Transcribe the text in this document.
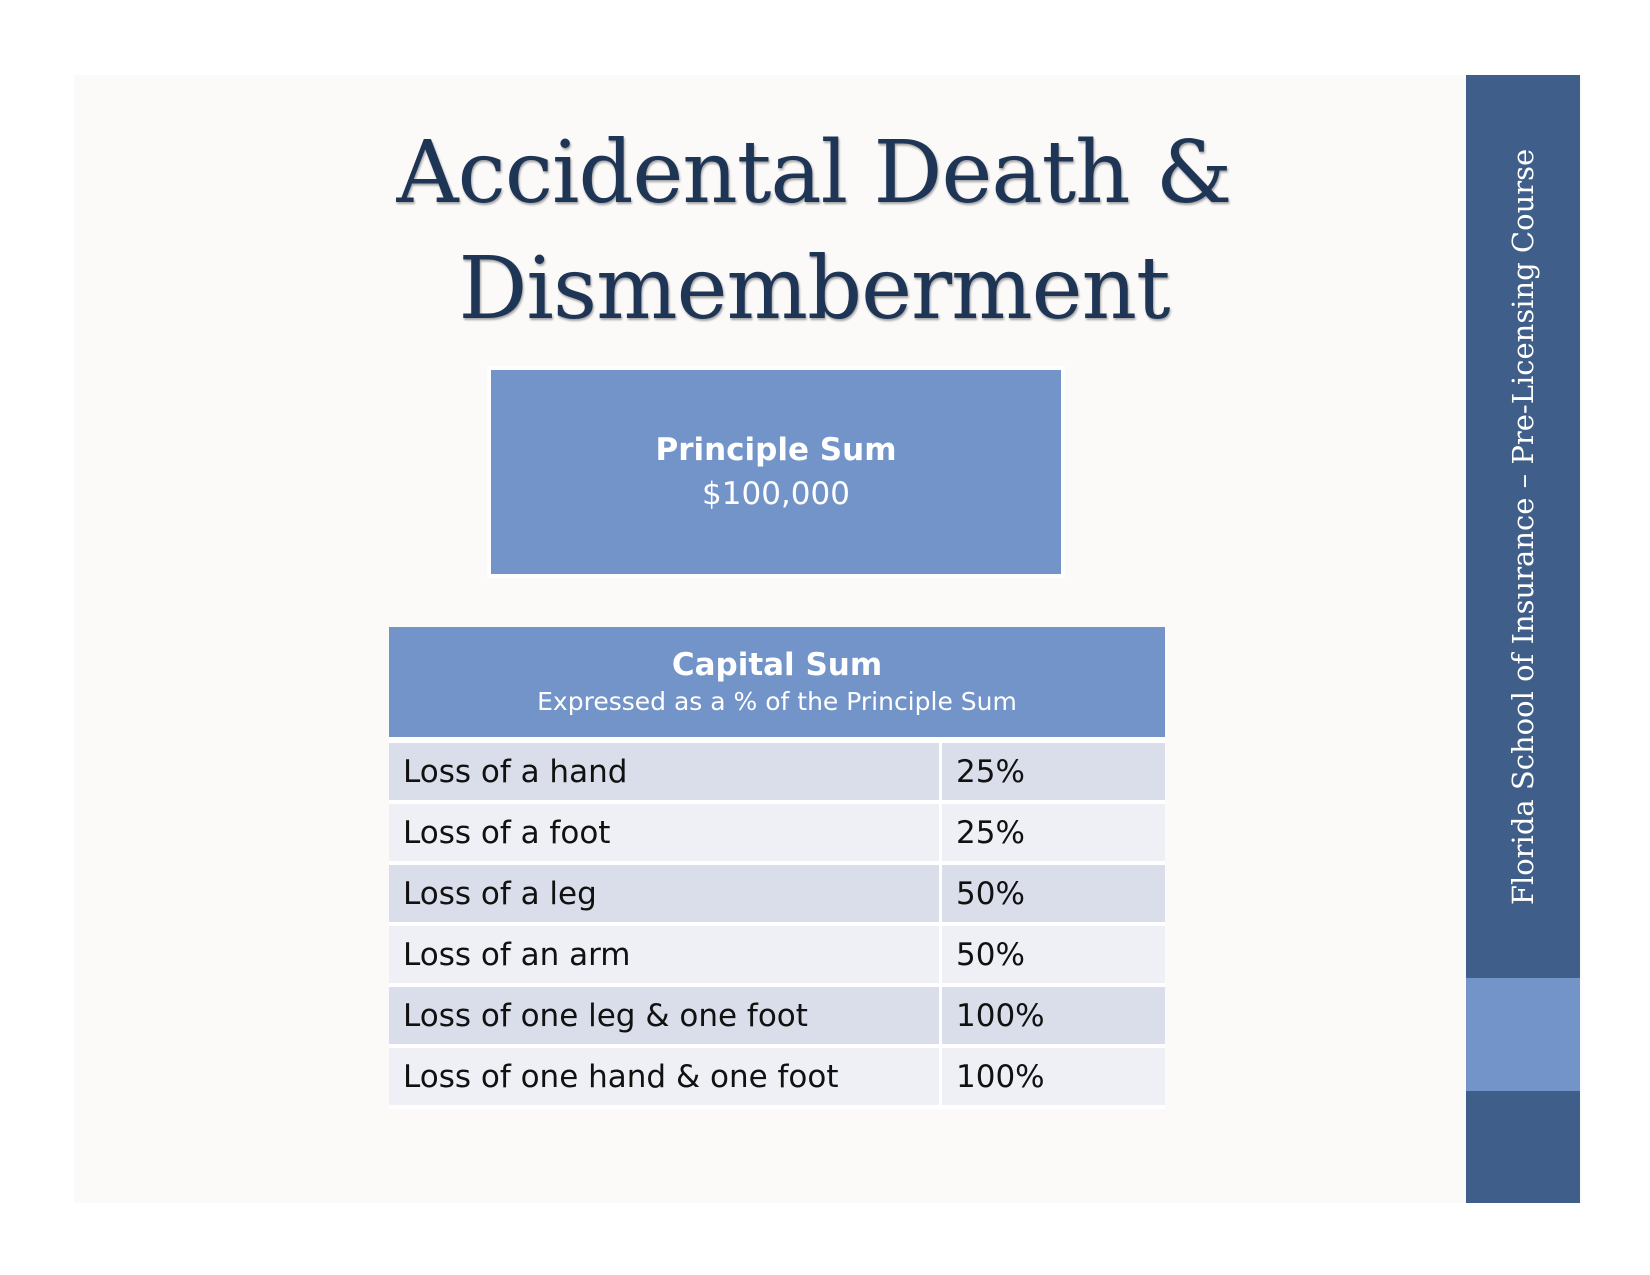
Accidental Death &
Dismemberment
Principle Sum
$100,000
Capital Sum
Expressed as a % of the Principle Sum	

Loss of a hand	25%
Loss of a foot	25%
Loss of a leg	50%
Loss of an arm	50%
Loss of one leg & one foot	100%
Loss of one hand & one foot	100%
Florida School of Insurance – Pre-Licensing Course
